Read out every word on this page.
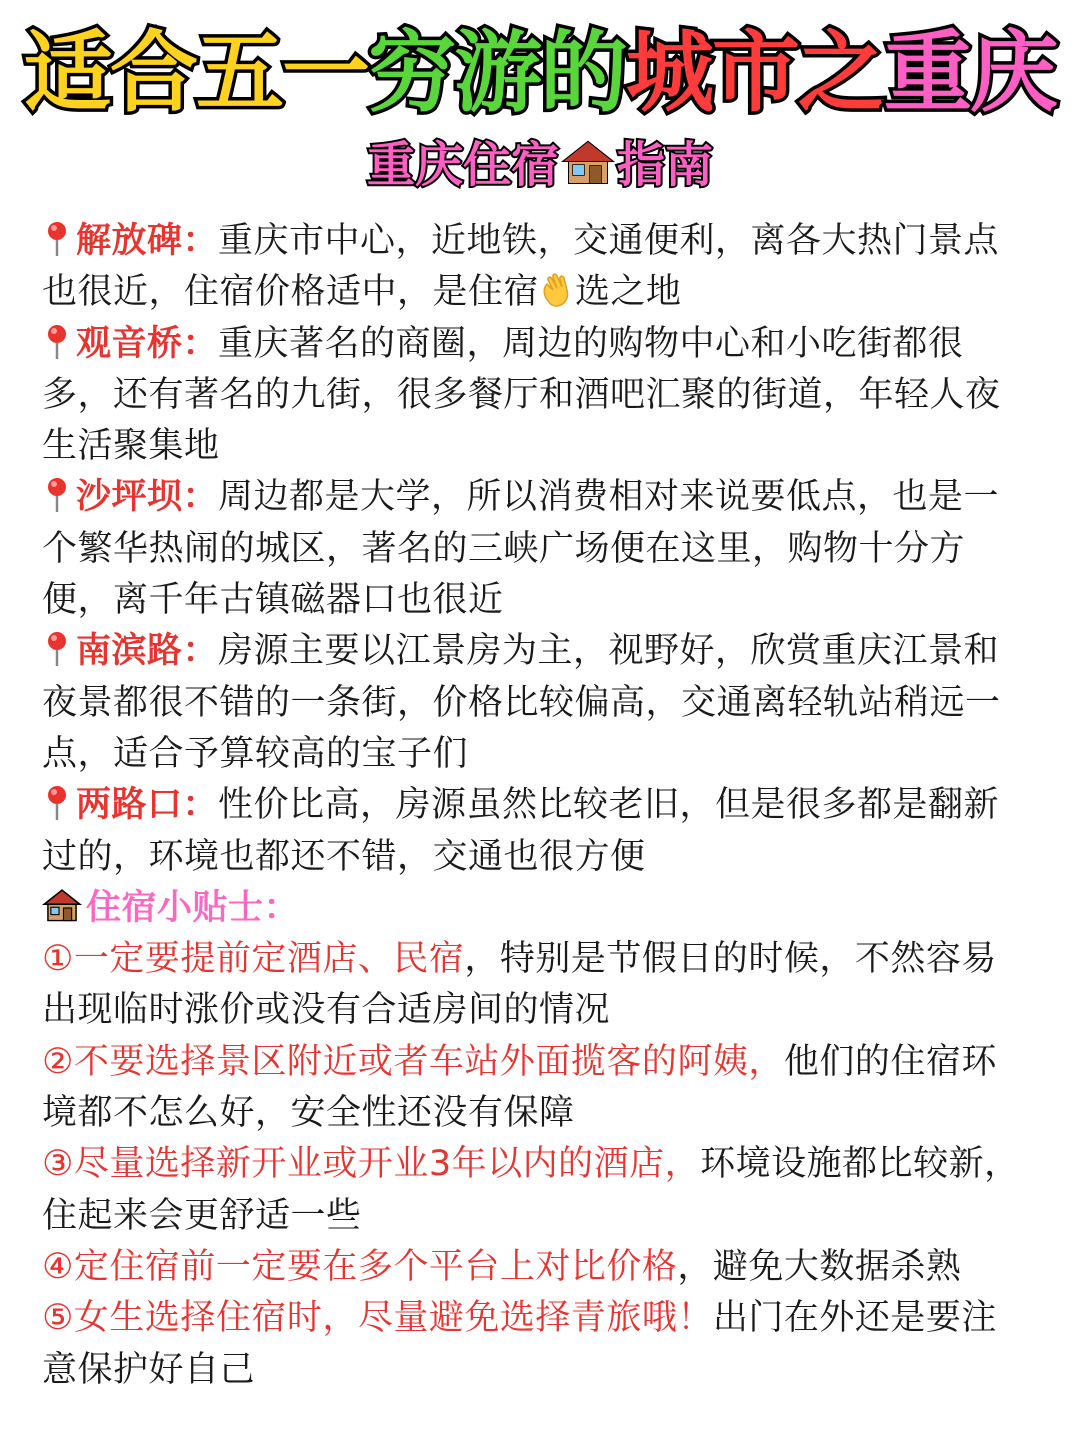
适合五一穷游的城市之重庆
重庆住宿 指南

解放碑：重庆市中心，近地铁，交通便利，离各大热门景点也很近，住宿价格适中，是住宿 选之地

观音桥：重庆著名的商圈，周边的购物中心和小吃街都很多，还有著名的九街，很多餐厅和酒吧汇聚的街道，年轻人夜生活聚集地

沙坪坝：周边都是大学，所以消费相对来说要低点，也是一个繁华热闹的城区，著名的三峡广场便在这里，购物十分方便，离千年古镇磁器口也很近

南滨路：房源主要以江景房为主，视野好，欣赏重庆江景和夜景都很不错的一条街，价格比较偏高，交通离轻轨站稍远一点，适合予算较高的宝子们

两路口：性价比高，房源虽然比较老旧，但是很多都是翻新过的，环境也都还不错，交通也很方便

住宿小贴士：

①一定要提前定酒店、民宿，特别是节假日的时候，不然容易出现临时涨价或没有合适房间的情况

②不要选择景区附近或者车站外面揽客的阿姨，他们的住宿环境都不怎么好，安全性还没有保障

③尽量选择新开业或开业3年以内的酒店，环境设施都比较新，住起来会更舒适一些

④定住宿前一定要在多个平台上对比价格，避免大数据杀熟

⑤女生选择住宿时，尽量避免选择青旅哦！出门在外还是要注意保护好自己
